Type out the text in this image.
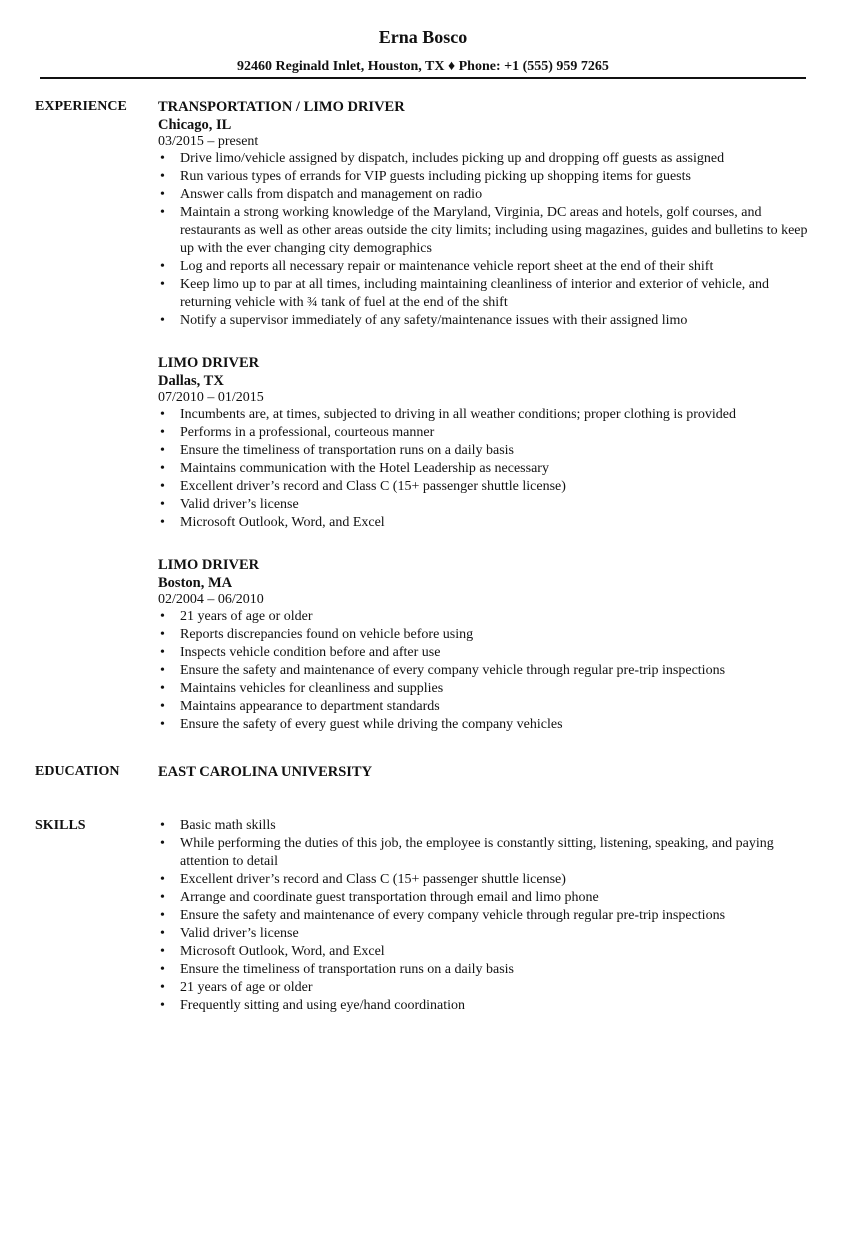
Erna Bosco
92460 Reginald Inlet, Houston, TX ♦ Phone: +1 (555) 959 7265
EXPERIENCE TRANSPORTATION / LIMO DRIVER
Chicago, IL
03/2015 – present
• Drive limo/vehicle assigned by dispatch, includes picking up and dropping off guests as assigned
• Run various types of errands for VIP guests including picking up shopping items for guests
• Answer calls from dispatch and management on radio
• Maintain a strong working knowledge of the Maryland, Virginia, DC areas and hotels, golf courses, and restaurants as well as other areas outside the city limits; including using magazines, guides and bulletins to keep up with the ever changing city demographics
• Log and reports all necessary repair or maintenance vehicle report sheet at the end of their shift
• Keep limo up to par at all times, including maintaining cleanliness of interior and exterior of vehicle, and returning vehicle with ¾ tank of fuel at the end of the shift
• Notify a supervisor immediately of any safety/maintenance issues with their assigned limo
LIMO DRIVER
Dallas, TX
07/2010 – 01/2015
• Incumbents are, at times, subjected to driving in all weather conditions; proper clothing is provided
• Performs in a professional, courteous manner
• Ensure the timeliness of transportation runs on a daily basis
• Maintains communication with the Hotel Leadership as necessary
• Excellent driver’s record and Class C (15+ passenger shuttle license)
• Valid driver’s license
• Microsoft Outlook, Word, and Excel
LIMO DRIVER
Boston, MA
02/2004 – 06/2010
• 21 years of age or older
• Reports discrepancies found on vehicle before using
• Inspects vehicle condition before and after use
• Ensure the safety and maintenance of every company vehicle through regular pre-trip inspections
• Maintains vehicles for cleanliness and supplies
• Maintains appearance to department standards
• Ensure the safety of every guest while driving the company vehicles
EDUCATION	EAST CAROLINA UNIVERSITY
SKILLS
•	Basic math skills
• While performing the duties of this job, the employee is constantly sitting, listening, speaking, and paying attention to detail
• Excellent driver’s record and Class C (15+ passenger shuttle license)
• Arrange and coordinate guest transportation through email and limo phone
• Ensure the safety and maintenance of every company vehicle through regular pre-trip inspections
• Valid driver’s license
• Microsoft Outlook, Word, and Excel
• Ensure the timeliness of transportation runs on a daily basis
• 21 years of age or older
• Frequently sitting and using eye/hand coordination
